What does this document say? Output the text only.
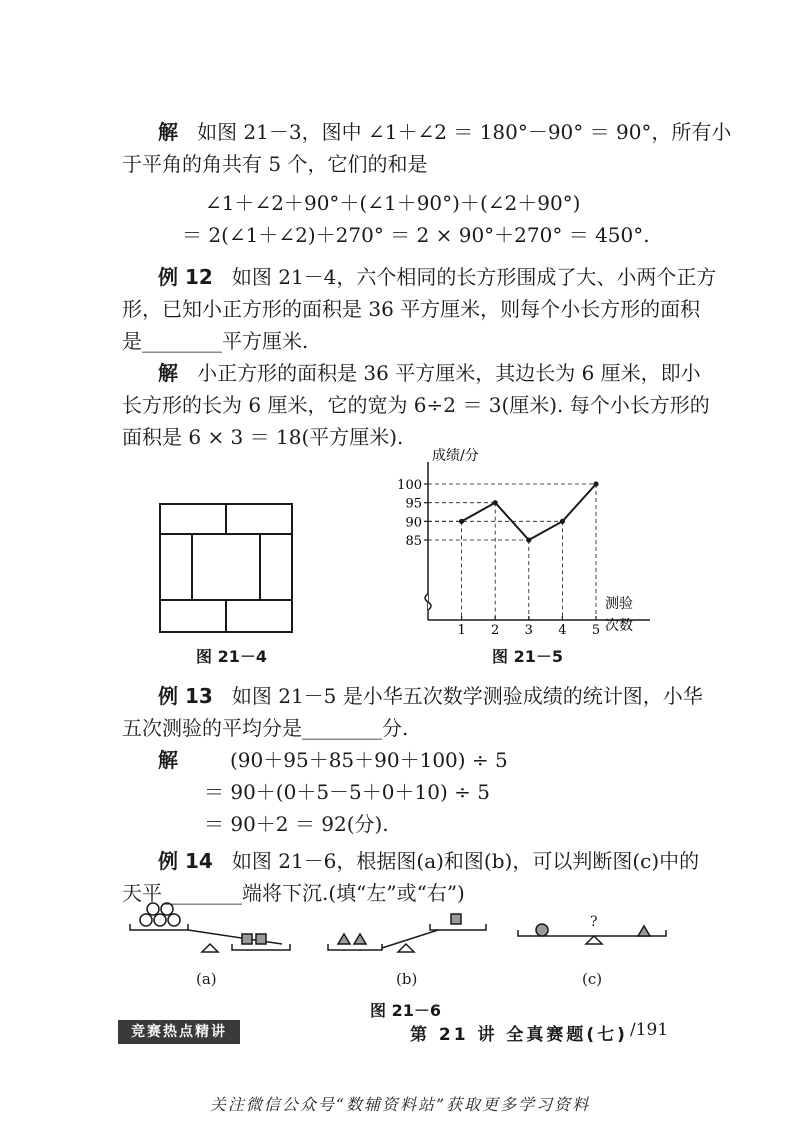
解 如图 21－3，图中 ∠1＋∠2 ＝ 180°－90° ＝ 90°，所有小
于平角的角共有 5 个，它们的和是
∠1＋∠2＋90°＋(∠1＋90°)＋(∠2＋90°)
＝ 2(∠1＋∠2)＋270° ＝ 2 × 90°＋270° ＝ 450°.
例 12 如图 21－4，六个相同的长方形围成了大、小两个正方
形，已知小正方形的面积是 36 平方厘米，则每个小长方形的面积
是________平方厘米.
解 小正方形的面积是 36 平方厘米，其边长为 6 厘米，即小
长方形的长为 6 厘米，它的宽为 6÷2 ＝ 3(厘米). 每个小长方形的
面积是 6 × 3 ＝ 18(平方厘米).
图 21－4
成绩/分
测验
次数
85
90
95
100
1 2 3 4 5
图 21－5
例 13 如图 21－5 是小华五次数学测验成绩的统计图，小华
五次测验的平均分是________分.
解	(90＋95＋85＋90＋100) ÷ 5
＝ 90＋(0＋5－5＋0＋10) ÷ 5
＝ 90＋2 ＝ 92(分).
例 14 如图 21－6，根据图(a)和图(b)，可以判断图(c)中的
天平________端将下沉.(填“左”或“右”)
?
(a)	(b)	(c)
图 21－6
竞赛热点精讲	第 21 讲 全真赛题(七) /191
关注微信公众号“数辅资料站”获取更多学习资料
